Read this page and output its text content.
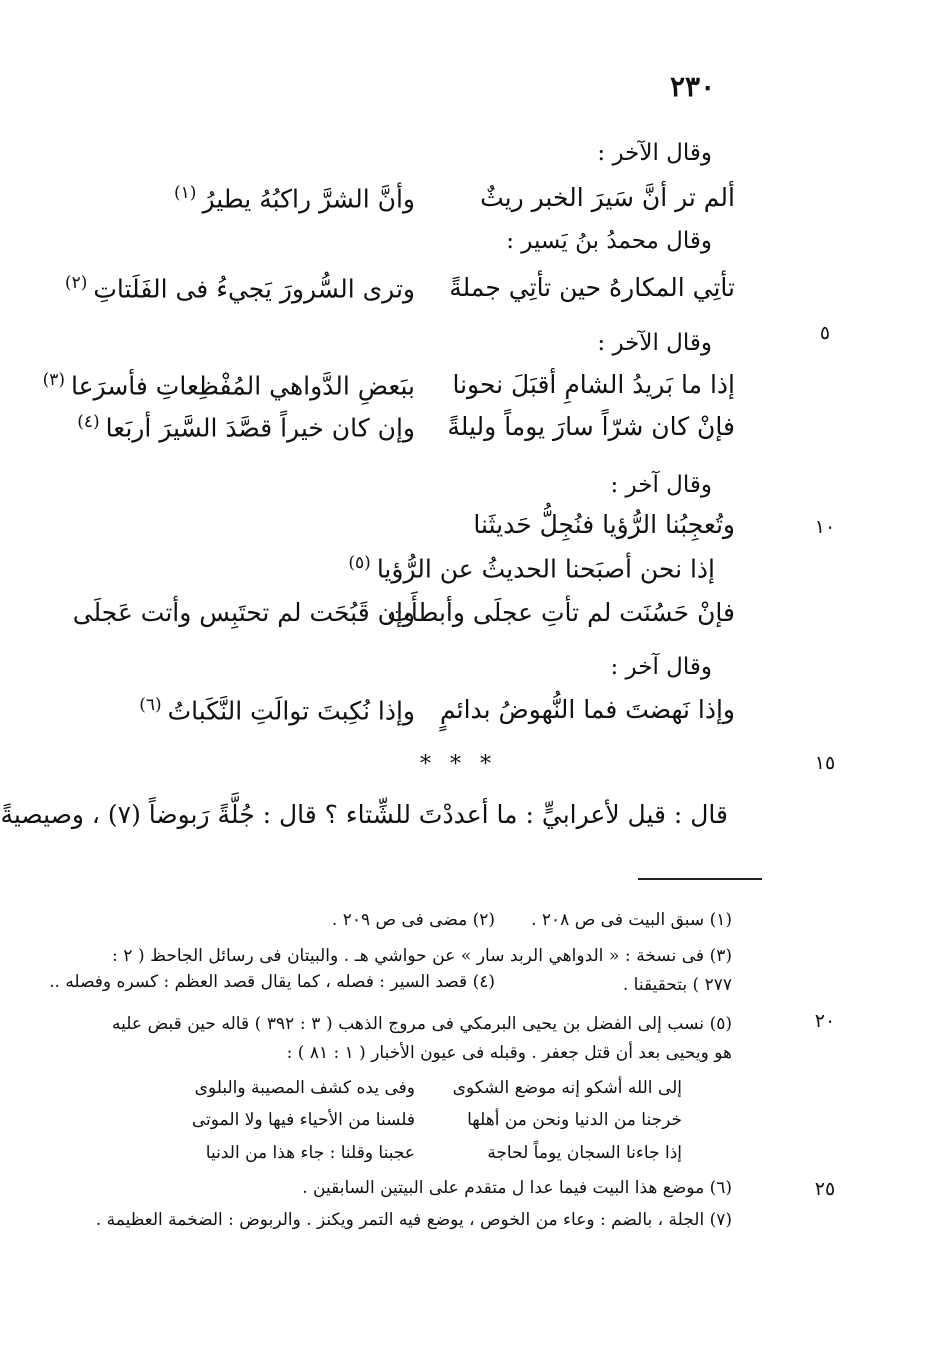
٢٣٠
٥
١٠
١٥
٢٠
٢٥
وقال الآخر :
ألم تر أنَّ سَيرَ الخبر ريثٌ
وأنَّ الشرَّ راكبُهُ يطيرُ$^{(١)}$
وقال محمدُ بنُ يَسير :
تأتِي المكارهُ حين تأتِي جملةً
وترى السُّرورَ يَجيءُ فى الفَلَتاتِ$^{(٢)}$
وقال الآخر :
إذا ما بَريدُ الشامِ أقبَلَ نحونا
ببَعضِ الدَّواهي المُفْظِعاتِ فأسرَعا$^{(٣)}$
فإنْ كان شرّاً سارَ يوماً وليلةً
وإن كان خيراً قصَّدَ السَّيرَ أربَعا$^{(٤)}$
وقال آخر :
وتُعجِبُنا الرُّؤيا فنُجِلُّ حَديثَنا
إذا نحن أصبَحنا الحديثُ عن الرُّؤيا$^{(٥)}$
فإنْ حَسُنَت لم تأتِ عجلَى وأبطأَت
وإن قَبُحَت لم تحتَبِس وأتت عَجلَى
وقال آخر :
وإذا نَهضتَ فما النُّهوضُ بدائمٍ
وإذا نُكِبتَ توالَتِ النَّكَباتُ$^{(٦)}$
* * *
قال : قيل لأعرابيٍّ : ما أعددْتَ للشِّتاء ؟ قال : جُلَّةً رَبوضاً (٧) ، وصيصيةً
(١) سبق البيت فى ص ٢٠٨ .
(٢) مضى فى ص ٢٠٩ .
(٣) فى نسخة : « الدواهي الربد سار » عن حواشي هـ . والبيتان فى رسائل الجاحظ ( ٢ : ٢٧٧ ) بتحقيقنا .
(٤) قصد السير : فصله ، كما يقال قصد العظم : كسره وفصله ..
(٥) نسب إلى الفضل بن يحيى البرمكي فى مروج الذهب ( ٣ : ٣٩٢ ) قاله حين قبض عليه هو ويحيى بعد أن قتل جعفر . وقبله فى عيون الأخبار ( ١ : ٨١ ) :
إلى الله أشكو إنه موضع الشكوى
وفى يده كشف المصيبة والبلوى
خرجنا من الدنيا ونحن من أهلها
فلسنا من الأحياء فيها ولا الموتى
إذا جاءنا السجان يوماً لحاجة
عجبنا وقلنا : جاء هذا من الدنيا
(٦) موضع هذا البيت فيما عدا ل متقدم على البيتين السابقين .
(٧) الجلة ، بالضم : وعاء من الخوص ، يوضع فيه التمر ويكنز . والربوض : الضخمة العظيمة .
